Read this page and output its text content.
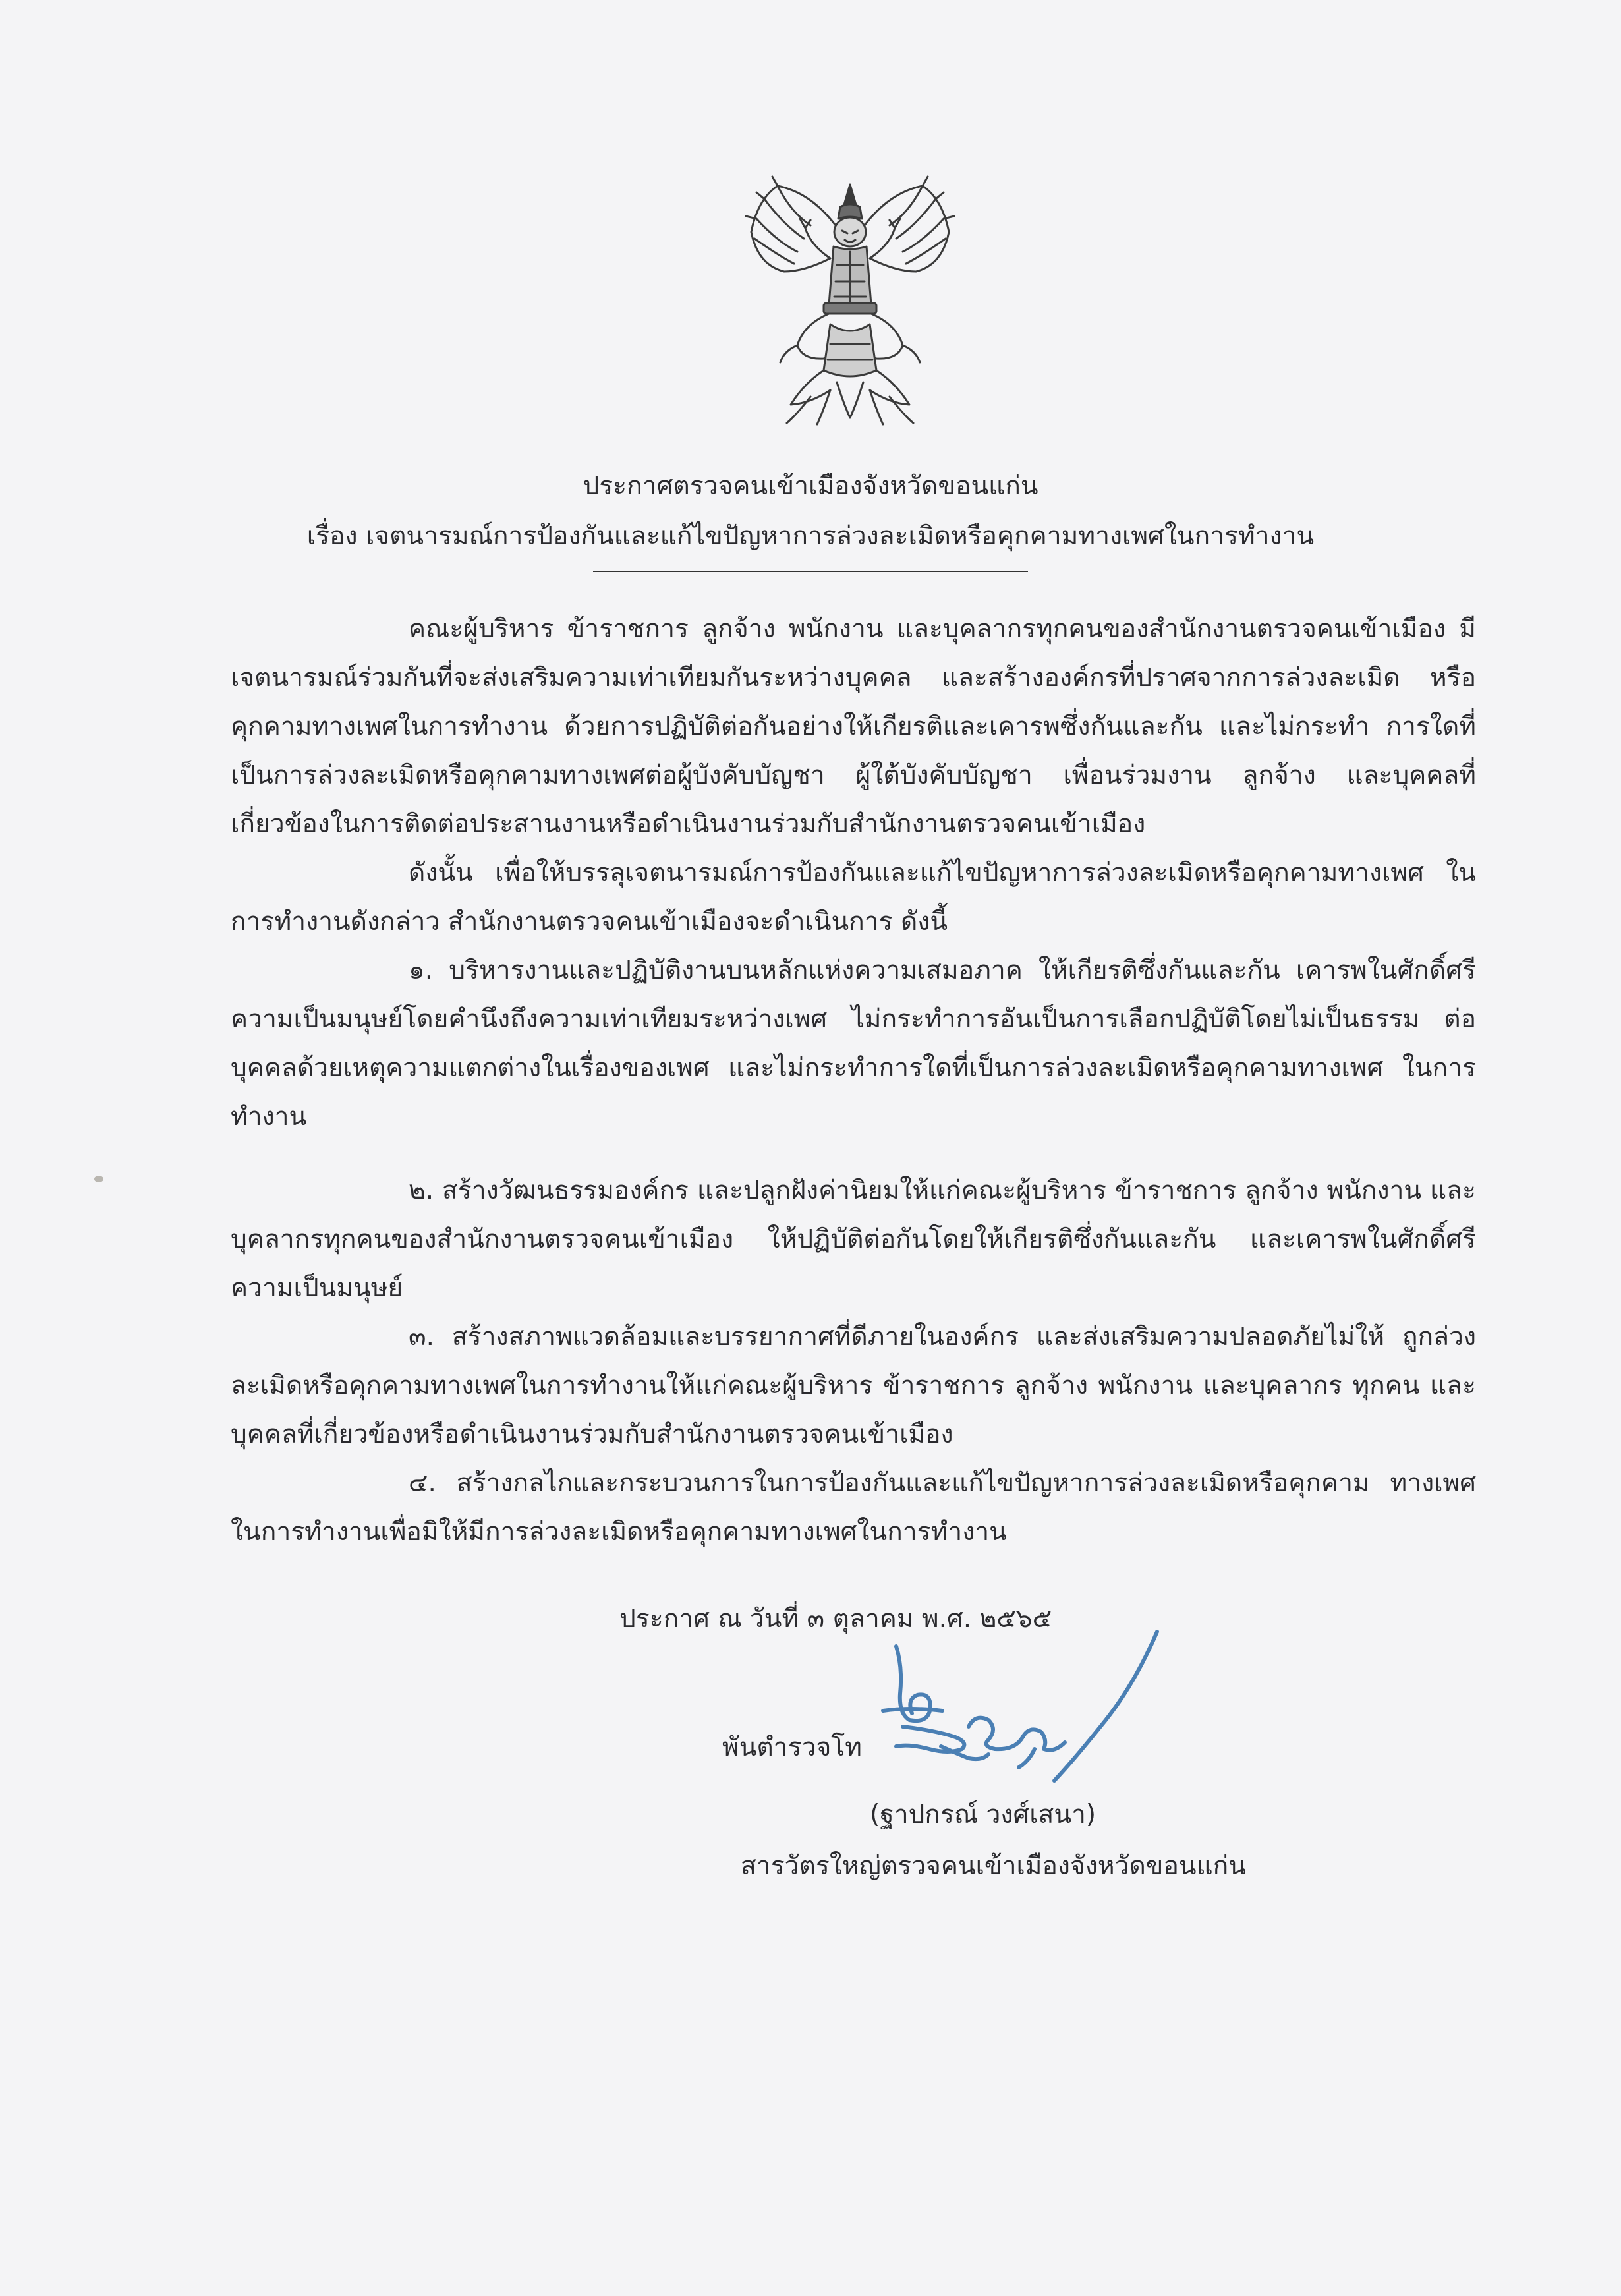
ประกาศตรวจคนเข้าเมืองจังหวัดขอนแก่น
เรื่อง เจตนารมณ์การป้องกันและแก้ไขปัญหาการล่วงละเมิดหรือคุกคามทางเพศในการทำงาน

คณะผู้บริหาร ข้าราชการ ลูกจ้าง พนักงาน และบุคลากรทุกคนของสำนักงานตรวจคนเข้าเมือง มีเจตนารมณ์ร่วมกันที่จะส่งเสริมความเท่าเทียมกันระหว่างบุคคล และสร้างองค์กรที่ปราศจากการล่วงละเมิด หรือคุกคามทางเพศในการทำงาน ด้วยการปฏิบัติต่อกันอย่างให้เกียรติและเคารพซึ่งกันและกัน และไม่กระทำ การใดที่เป็นการล่วงละเมิดหรือคุกคามทางเพศต่อผู้บังคับบัญชา ผู้ใต้บังคับบัญชา เพื่อนร่วมงาน ลูกจ้าง และบุคคลที่เกี่ยวข้องในการติดต่อประสานงานหรือดำเนินงานร่วมกับสำนักงานตรวจคนเข้าเมือง

ดังนั้น เพื่อให้บรรลุเจตนารมณ์การป้องกันและแก้ไขปัญหาการล่วงละเมิดหรือคุกคามทางเพศ ในการทำงานดังกล่าว สำนักงานตรวจคนเข้าเมืองจะดำเนินการ ดังนี้

๑. บริหารงานและปฏิบัติงานบนหลักแห่งความเสมอภาค ให้เกียรติซึ่งกันและกัน เคารพในศักดิ์ศรี ความเป็นมนุษย์โดยคำนึงถึงความเท่าเทียมระหว่างเพศ ไม่กระทำการอันเป็นการเลือกปฏิบัติโดยไม่เป็นธรรม ต่อบุคคลด้วยเหตุความแตกต่างในเรื่องของเพศ และไม่กระทำการใดที่เป็นการล่วงละเมิดหรือคุกคามทางเพศ ในการทำงาน

๒. สร้างวัฒนธรรมองค์กร และปลูกฝังค่านิยมให้แก่คณะผู้บริหาร ข้าราชการ ลูกจ้าง พนักงาน และบุคลากรทุกคนของสำนักงานตรวจคนเข้าเมือง ให้ปฏิบัติต่อกันโดยให้เกียรติซึ่งกันและกัน และเคารพในศักดิ์ศรีความเป็นมนุษย์

๓. สร้างสภาพแวดล้อมและบรรยากาศที่ดีภายในองค์กร และส่งเสริมความปลอดภัยไม่ให้ ถูกล่วงละเมิดหรือคุกคามทางเพศในการทำงานให้แก่คณะผู้บริหาร ข้าราชการ ลูกจ้าง พนักงาน และบุคลากร ทุกคน และบุคคลที่เกี่ยวข้องหรือดำเนินงานร่วมกับสำนักงานตรวจคนเข้าเมือง

๔. สร้างกลไกและกระบวนการในการป้องกันและแก้ไขปัญหาการล่วงละเมิดหรือคุกคาม ทางเพศในการทำงานเพื่อมิให้มีการล่วงละเมิดหรือคุกคามทางเพศในการทำงาน

ประกาศ ณ วันที่ ๓ ตุลาคม พ.ศ. ๒๕๖๕
พันตำรวจโท
(ฐาปกรณ์ วงศ์เสนา)
สารวัตรใหญ่ตรวจคนเข้าเมืองจังหวัดขอนแก่น
